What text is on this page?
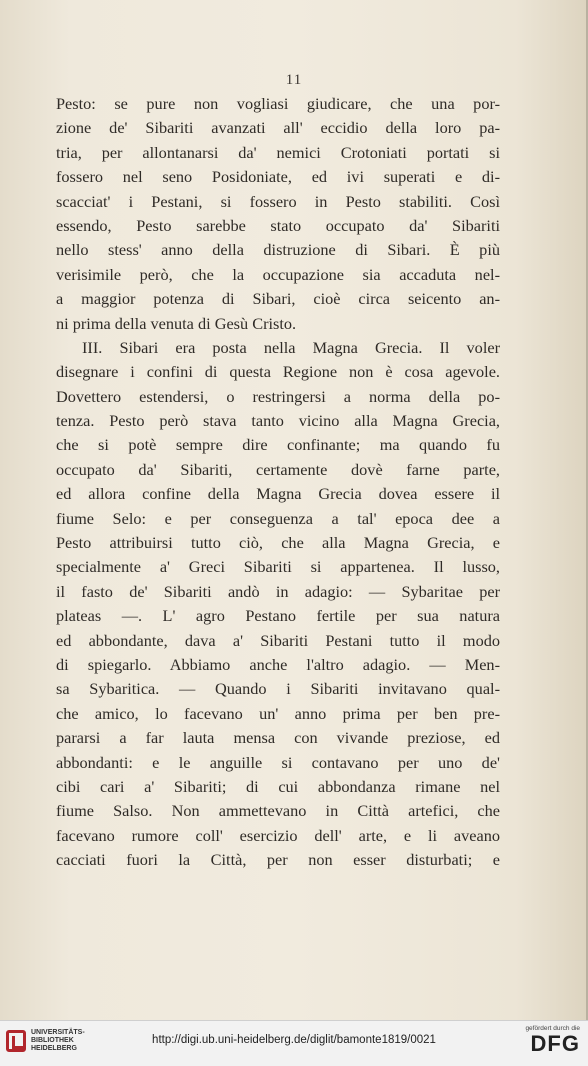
11
Pesto: se pure non vogliasi giudicare, che una por-
zione de' Sibariti avanzati all' eccidio della loro pa-
tria, per allontanarsi da' nemici Crotoniati portati si
fossero nel seno Posidoniate, ed ivi superati e di-
scacciat' i Pestani, si fossero in Pesto stabiliti. Così
essendo, Pesto sarebbe stato occupato da' Sibariti
nello stess' anno della distruzione di Sibari. È più
verisimile però, che la occupazione sia accaduta nel-
a maggior potenza di Sibari, cioè circa seicento an-
ni prima della venuta di Gesù Cristo.
III. Sibari era posta nella Magna Grecia. Il voler
disegnare i confini di questa Regione non è cosa agevole.
Dovettero estendersi, o restringersi a norma della po-
tenza. Pesto però stava tanto vicino alla Magna Grecia,
che si potè sempre dire confinante; ma quando fu
occupato da' Sibariti, certamente dovè farne parte,
ed allora confine della Magna Grecia dovea essere il
fiume Selo: e per conseguenza a tal' epoca dee a
Pesto attribuirsi tutto ciò, che alla Magna Grecia, e
specialmente a' Greci Sibariti si appartenea. Il lusso,
il fasto de' Sibariti andò in adagio: — Sybaritae per
plateas —. L' agro Pestano fertile per sua natura
ed abbondante, dava a' Sibariti Pestani tutto il modo
di spiegarlo. Abbiamo anche l'altro adagio. — Men-
sa Sybaritica. — Quando i Sibariti invitavano qual-
che amico, lo facevano un' anno prima per ben pre-
pararsi a far lauta mensa con vivande preziose, ed
abbondanti: e le anguille si contavano per uno de'
cibi cari a' Sibariti; di cui abbondanza rimane nel
fiume Salso. Non ammettevano in Città artefici, che
facevano rumore coll' esercizio dell' arte, e li aveano
cacciati fuori la Città, per non esser disturbati; e
UNIVERSITÄTS-
BIBLIOTHEK
HEIDELBERG
http://digi.ub.uni-heidelberg.de/diglit/bamonte1819/0021
gefördert durch die
DFG
